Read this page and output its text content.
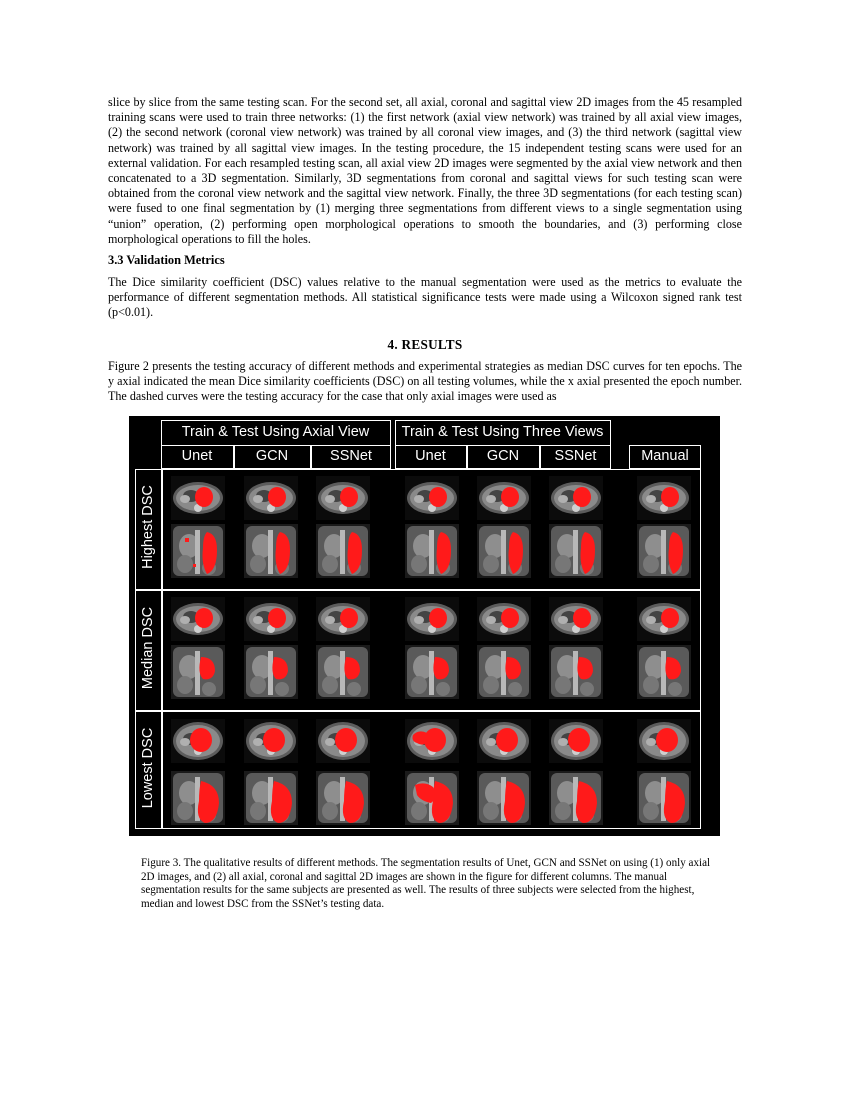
slice by slice from the same testing scan. For the second set, all axial, coronal and sagittal view 2D images from the 45 resampled training scans were used to train three networks: (1) the first network (axial view network) was trained by all axial view images, (2) the second network (coronal view network) was trained by all coronal view images, and (3) the third network (sagittal view network) was trained by all sagittal view images. In the testing procedure, the 15 independent testing scans were used for an external validation. For each resampled testing scan, all axial view 2D images were segmented by the axial view network and then concatenated to a 3D segmentation. Similarly, 3D segmentations from coronal and sagittal views for such testing scan were obtained from the coronal view network and the sagittal view network. Finally, the three 3D segmentations (for each testing scan) were fused to one final segmentation by (1) merging three segmentations from different views to a single segmentation using “union” operation, (2) performing open morphological operations to smooth the boundaries, and (3) performing close morphological operations to fill the holes.

3.3 Validation Metrics

The Dice similarity coefficient (DSC) values relative to the manual segmentation were used as the metrics to evaluate the performance of different segmentation methods. All statistical significance tests were made using a Wilcoxon signed rank test (p<0.01).

4. RESULTS

Figure 2 presents the testing accuracy of different methods and experimental strategies as median DSC curves for ten epochs. The y axial indicated the mean Dice similarity coefficients (DSC) on all testing volumes, while the x axial presented the epoch number. The dashed curves were the testing accuracy for the case that only axial images were used as

Train & Test Using Axial View	Train & Test Using Three Views
Unet	GCN	SSNet	Unet	GCN	SSNet	Manual
Highest DSC
Median DSC
Lowest DSC

Figure 3. The qualitative results of different methods. The segmentation results of Unet, GCN and SSNet on using (1) only axial 2D images, and (2) all axial, coronal and sagittal 2D images are shown in the figure for different columns. The manual segmentation results for the same subjects are presented as well. The results of three subjects were selected from the highest, median and lowest DSC from the SSNet’s testing data.
